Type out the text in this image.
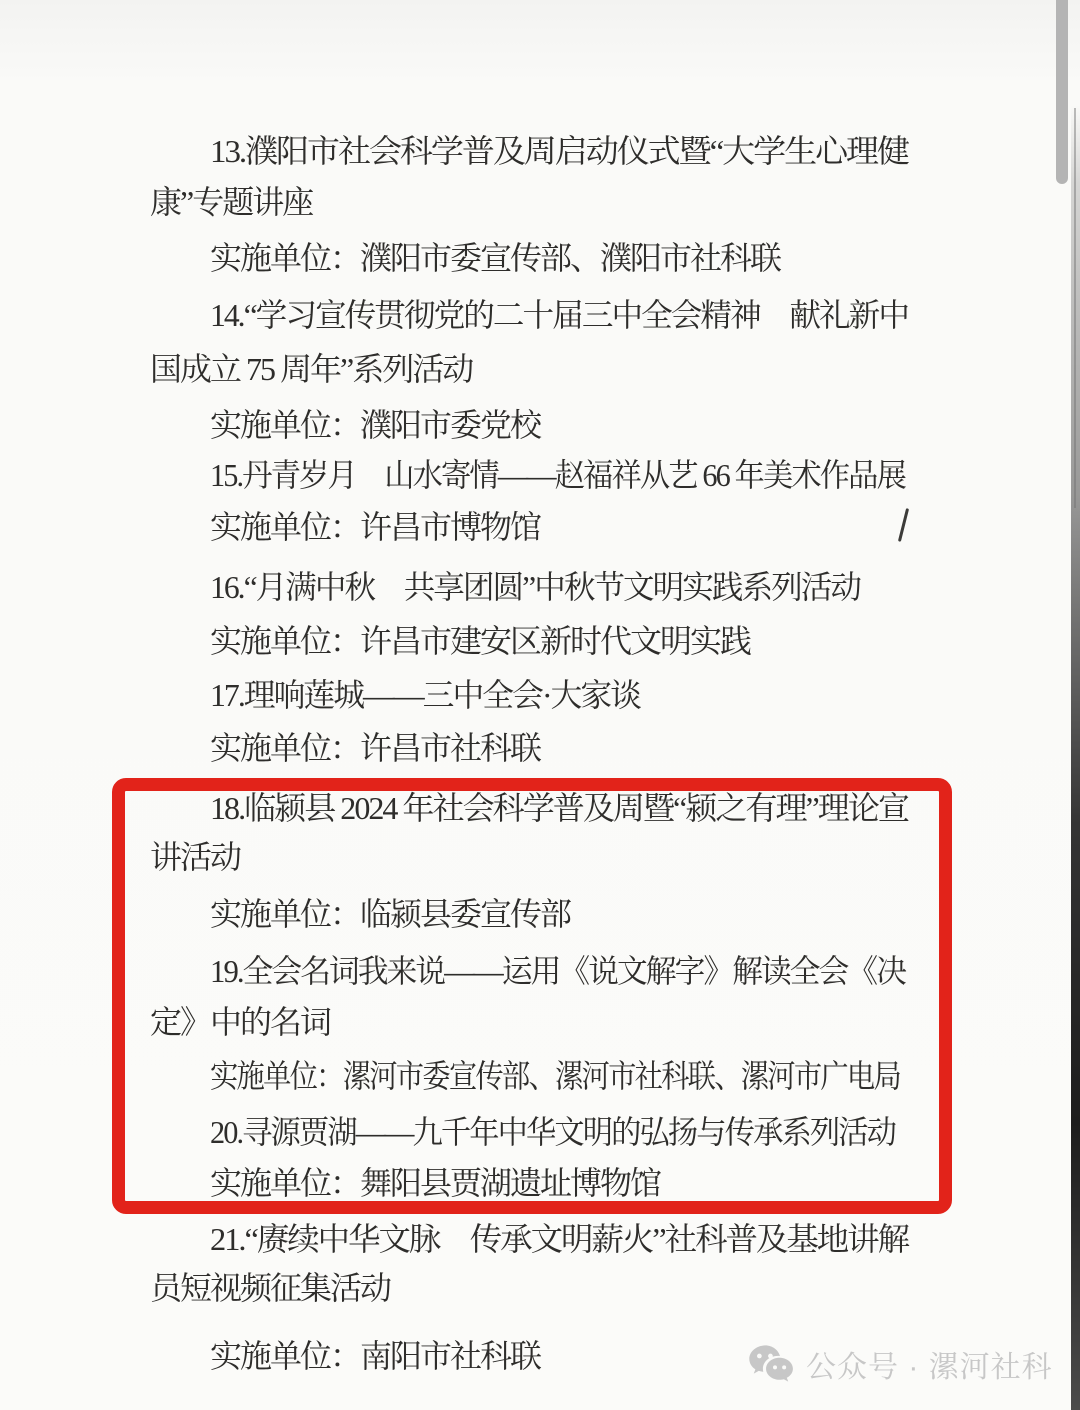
13.濮阳市社会科学普及周启动仪式暨“大学生心理健
康”专题讲座
实施单位：濮阳市委宣传部、濮阳市社科联
14.“学习宣传贯彻党的二十届三中全会精神　献礼新中
国成立 75 周年”系列活动
实施单位：濮阳市委党校
15.丹青岁月　山水寄情——赵福祥从艺 66 年美术作品展
实施单位：许昌市博物馆
16.“月满中秋　共享团圆”中秋节文明实践系列活动
实施单位：许昌市建安区新时代文明实践
17.理响莲城——三中全会·大家谈
实施单位：许昌市社科联
18.临颍县 2024 年社会科学普及周暨“颍之有理”理论宣
讲活动
实施单位：临颍县委宣传部
19.全会名词我来说——运用《说文解字》解读全会《决
定》中的名词
实施单位：漯河市委宣传部、漯河市社科联、漯河市广电局
20.寻源贾湖——九千年中华文明的弘扬与传承系列活动
实施单位：舞阳县贾湖遗址博物馆
21.“赓续中华文脉　传承文明薪火”社科普及基地讲解
员短视频征集活动
实施单位：南阳市社科联	公众号 · 漯河社科
